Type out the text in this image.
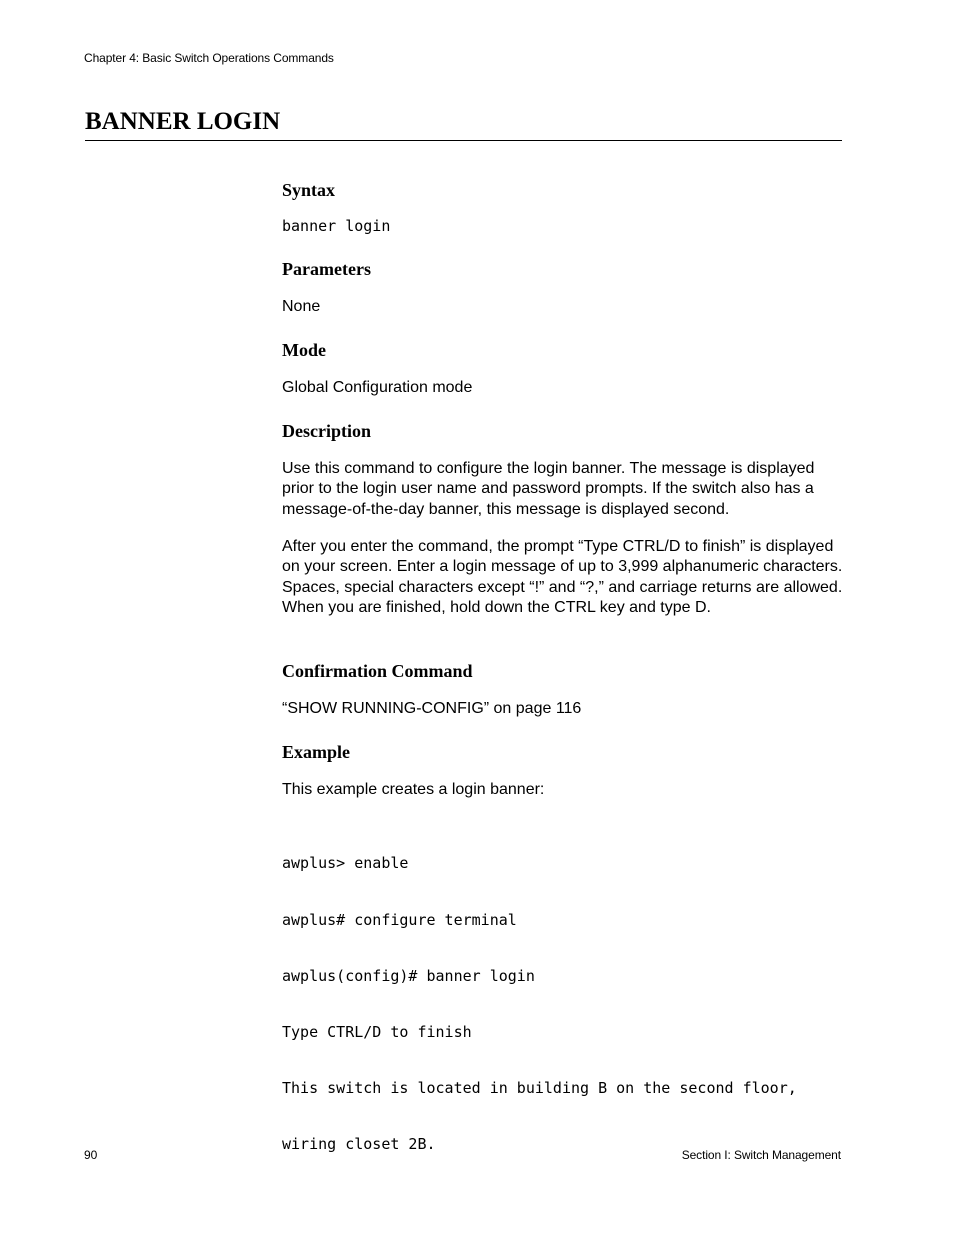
Chapter 4: Basic Switch Operations Commands
BANNER LOGIN
Syntax
banner login
Parameters

None

Mode

Global Configuration mode

Description

Use this command to configure the login banner. The message is displayed prior to the login user name and password prompts. If the switch also has a message-of-the-day banner, this message is displayed second.

After you enter the command, the prompt “Type CTRL/D to finish” is displayed on your screen. Enter a login message of up to 3,999 alphanumeric characters. Spaces, special characters except “!” and “?,” and carriage returns are allowed. When you are finished, hold down the CTRL key and type D.

Confirmation Command

“SHOW RUNNING-CONFIG” on page 116

Example

This example creates a login banner:

awplus> enable

awplus# configure terminal

awplus(config)# banner login

Type CTRL/D to finish

This switch is located in building B on the second floor,

wiring closet 2B.

90	Section I: Switch Management
